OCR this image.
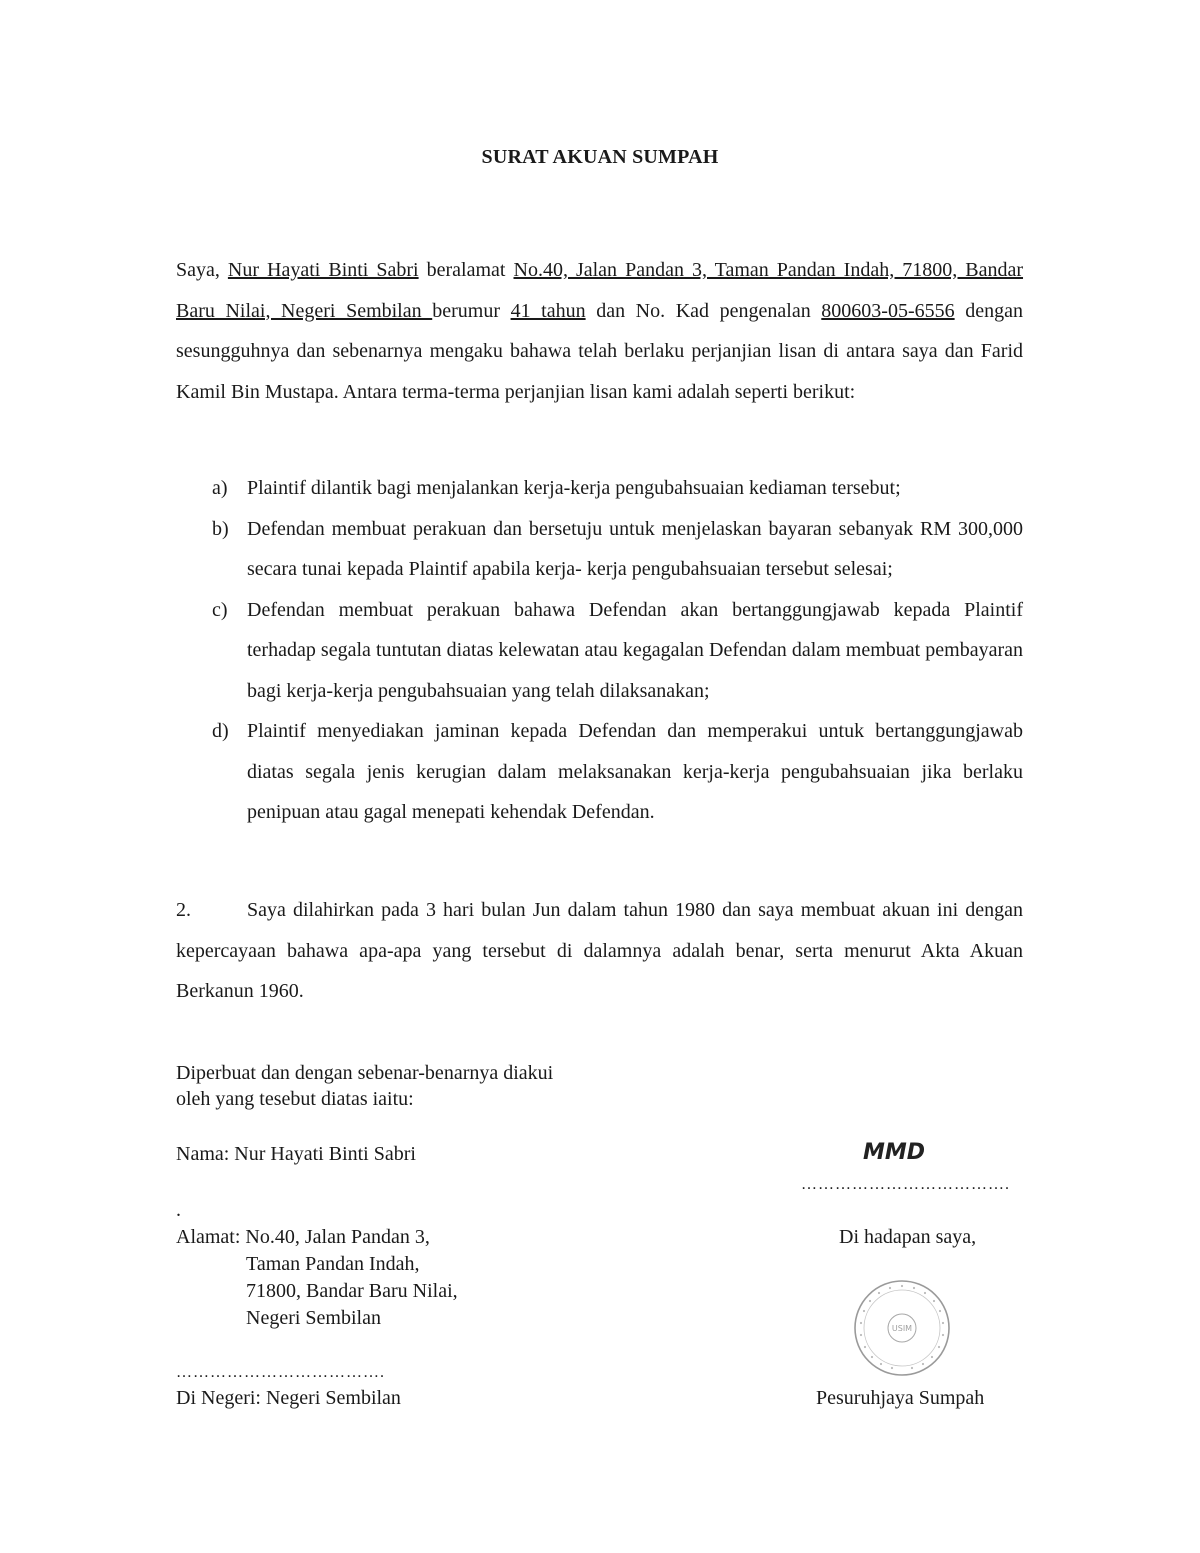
SURAT AKUAN SUMPAH
Saya, Nur Hayati Binti Sabri beralamat No.40, Jalan Pandan 3, Taman Pandan Indah, 71800, Bandar Baru Nilai, Negeri Sembilan berumur 41 tahun dan No. Kad pengenalan 800603-05-6556 dengan sesungguhnya dan sebenarnya mengaku bahawa telah berlaku perjanjian lisan di antara saya dan Farid Kamil Bin Mustapa. Antara terma-terma perjanjian lisan kami adalah seperti berikut:
a) Plaintif dilantik bagi menjalankan kerja-kerja pengubahsuaian kediaman tersebut;
b) Defendan membuat perakuan dan bersetuju untuk menjelaskan bayaran sebanyak RM 300,000 secara tunai kepada Plaintif apabila kerja- kerja pengubahsuaian tersebut selesai;
c) Defendan membuat perakuan bahawa Defendan akan bertanggungjawab kepada Plaintif terhadap segala tuntutan diatas kelewatan atau kegagalan Defendan dalam membuat pembayaran bagi kerja-kerja pengubahsuaian yang telah dilaksanakan;
d) Plaintif menyediakan jaminan kepada Defendan dan memperakui untuk bertanggungjawab diatas segala jenis kerugian dalam melaksanakan kerja-kerja pengubahsuaian jika berlaku penipuan atau gagal menepati kehendak Defendan.
2.	Saya dilahirkan pada 3 hari bulan Jun dalam tahun 1980 dan saya membuat akuan ini dengan kepercayaan bahawa apa-apa yang tersebut di dalamnya adalah benar, serta menurut Akta Akuan Berkanun 1960.
Diperbuat dan dengan sebenar-benarnya diakui
oleh yang tesebut diatas iaitu:
Nama: Nur Hayati Binti Sabri	MMD
……………………………….
.
Alamat: No.40, Jalan Pandan 3,
Taman Pandan Indah,
71800, Bandar Baru Nilai,
Negeri Sembilan
Di hadapan saya,
USIM
……………………………….
Di Negeri: Negeri Sembilan	Pesuruhjaya Sumpah
